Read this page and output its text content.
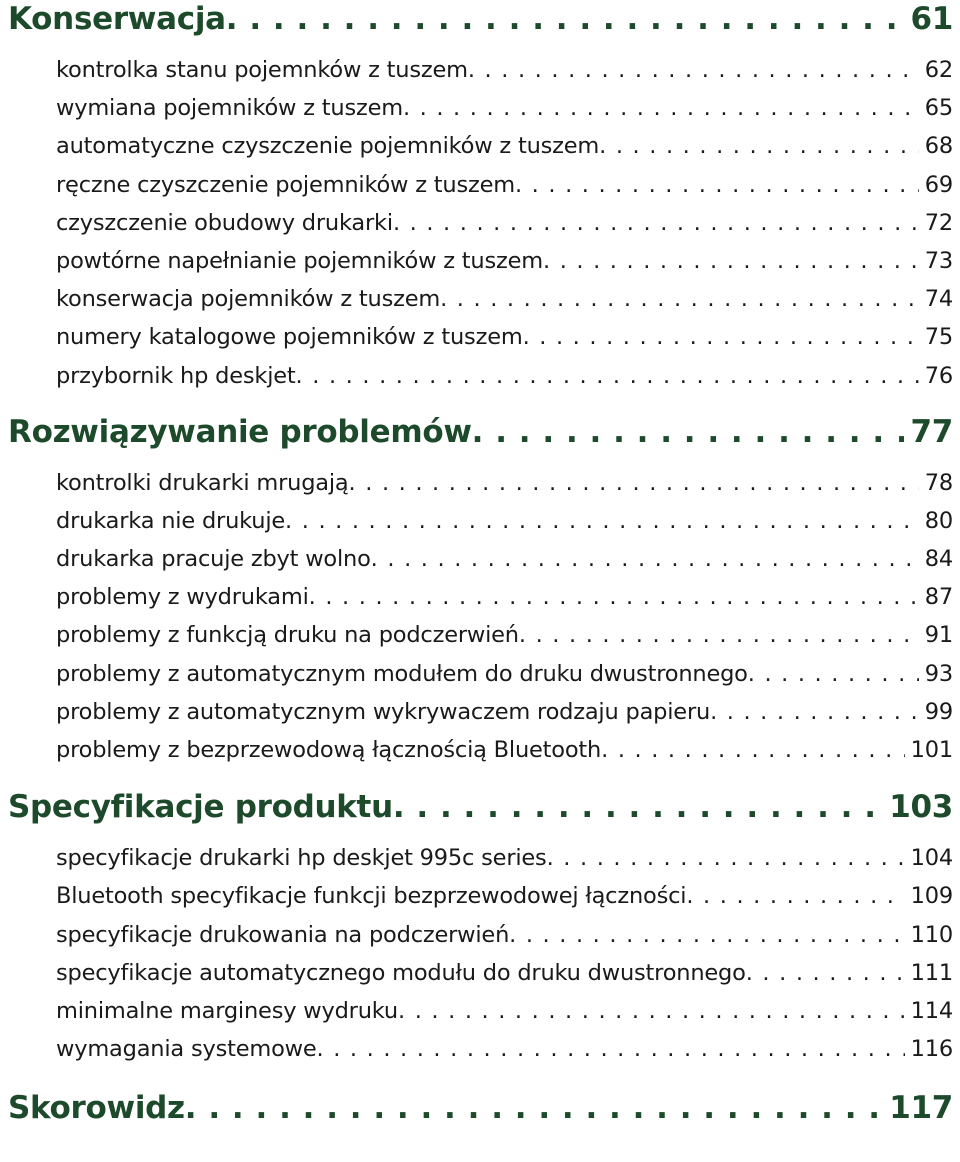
Konserwacja . . .	61
kontrolka stanu pojemnków z tuszem . . .	62
wymiana pojemników z tuszem . . .	65
automatyczne czyszczenie pojemników z tuszem . . .	68
ręczne czyszczenie pojemników z tuszem . . .	69
czyszczenie obudowy drukarki . . .	72
powtórne napełnianie pojemników z tuszem . . .	73
konserwacja pojemników z tuszem . . .	74
numery katalogowe pojemników z tuszem . . .	75
przybornik hp deskjet . . .	76
Rozwiązywanie problemów . . .	77
kontrolki drukarki mrugają . . .	78
drukarka nie drukuje . . .	80
drukarka pracuje zbyt wolno . . .	84
problemy z wydrukami . . .	87
problemy z funkcją druku na podczerwień . . .	91
problemy z automatycznym modułem do druku dwustronnego . . .	93
problemy z automatycznym wykrywaczem rodzaju papieru . . .	99
problemy z bezprzewodową łącznością Bluetooth . . .	101
Specyfikacje produktu . . .	103
specyfikacje drukarki hp deskjet 995c series . . .	104
Bluetooth specyfikacje funkcji bezprzewodowej łączności . . .	109
specyfikacje drukowania na podczerwień . . .	110
specyfikacje automatycznego modułu do druku dwustronnego . . .	111
minimalne marginesy wydruku . . .	114
wymagania systemowe . . .	116
Skorowidz . . .	117
